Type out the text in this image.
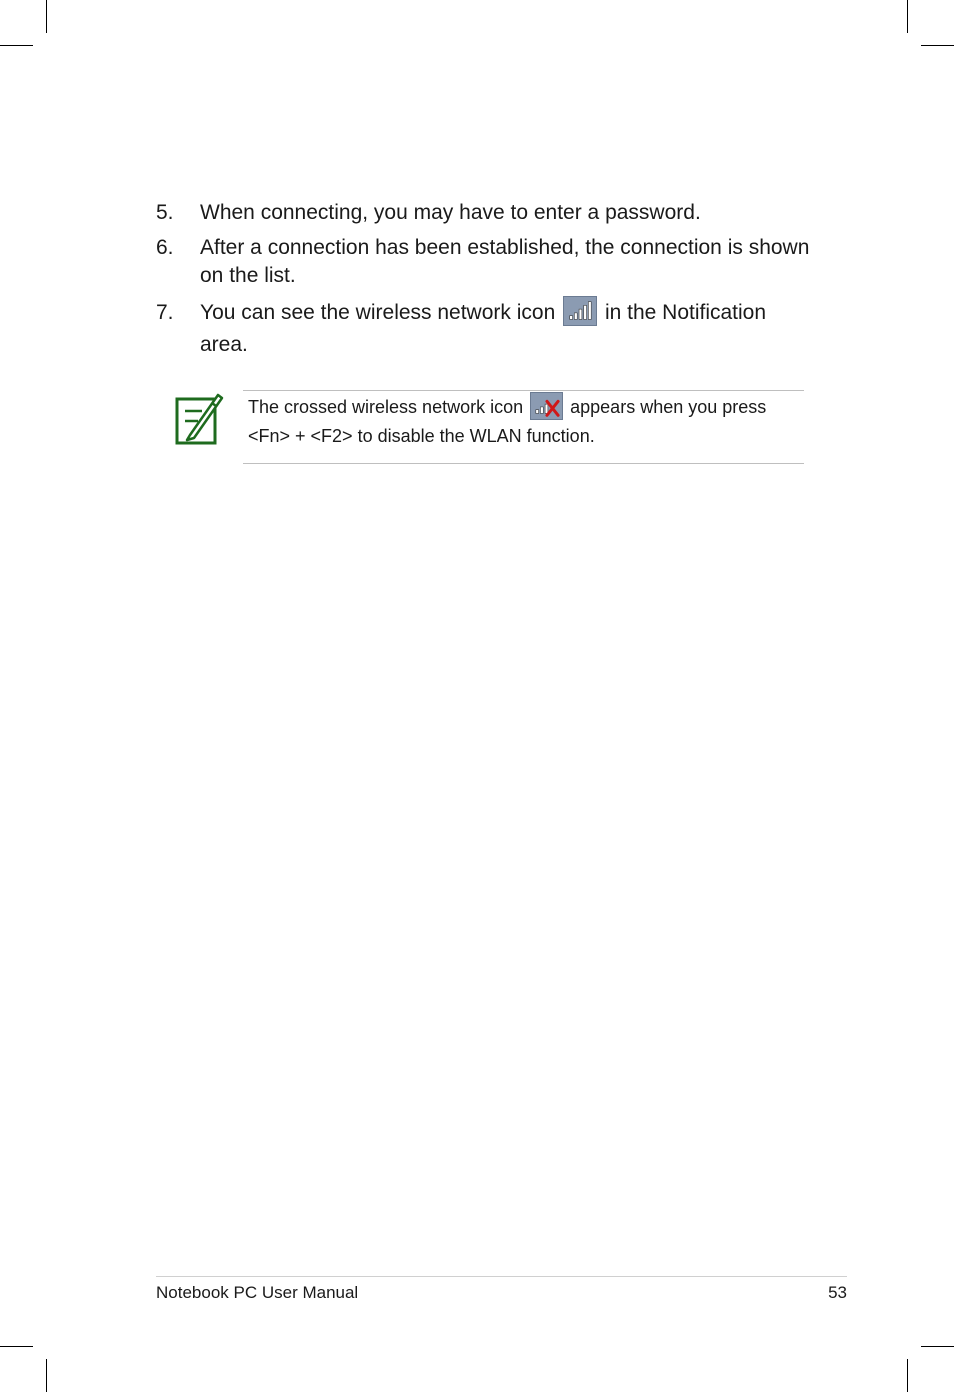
5. When connecting, you may have to enter a password.
6. After a connection has been established, the connection is shown on the list.
7. You can see the wireless network icon in the Notification area.
The crossed wireless network icon	appears when you press <Fn> + <F2> to disable the WLAN function.
Notebook PC User Manual	53
